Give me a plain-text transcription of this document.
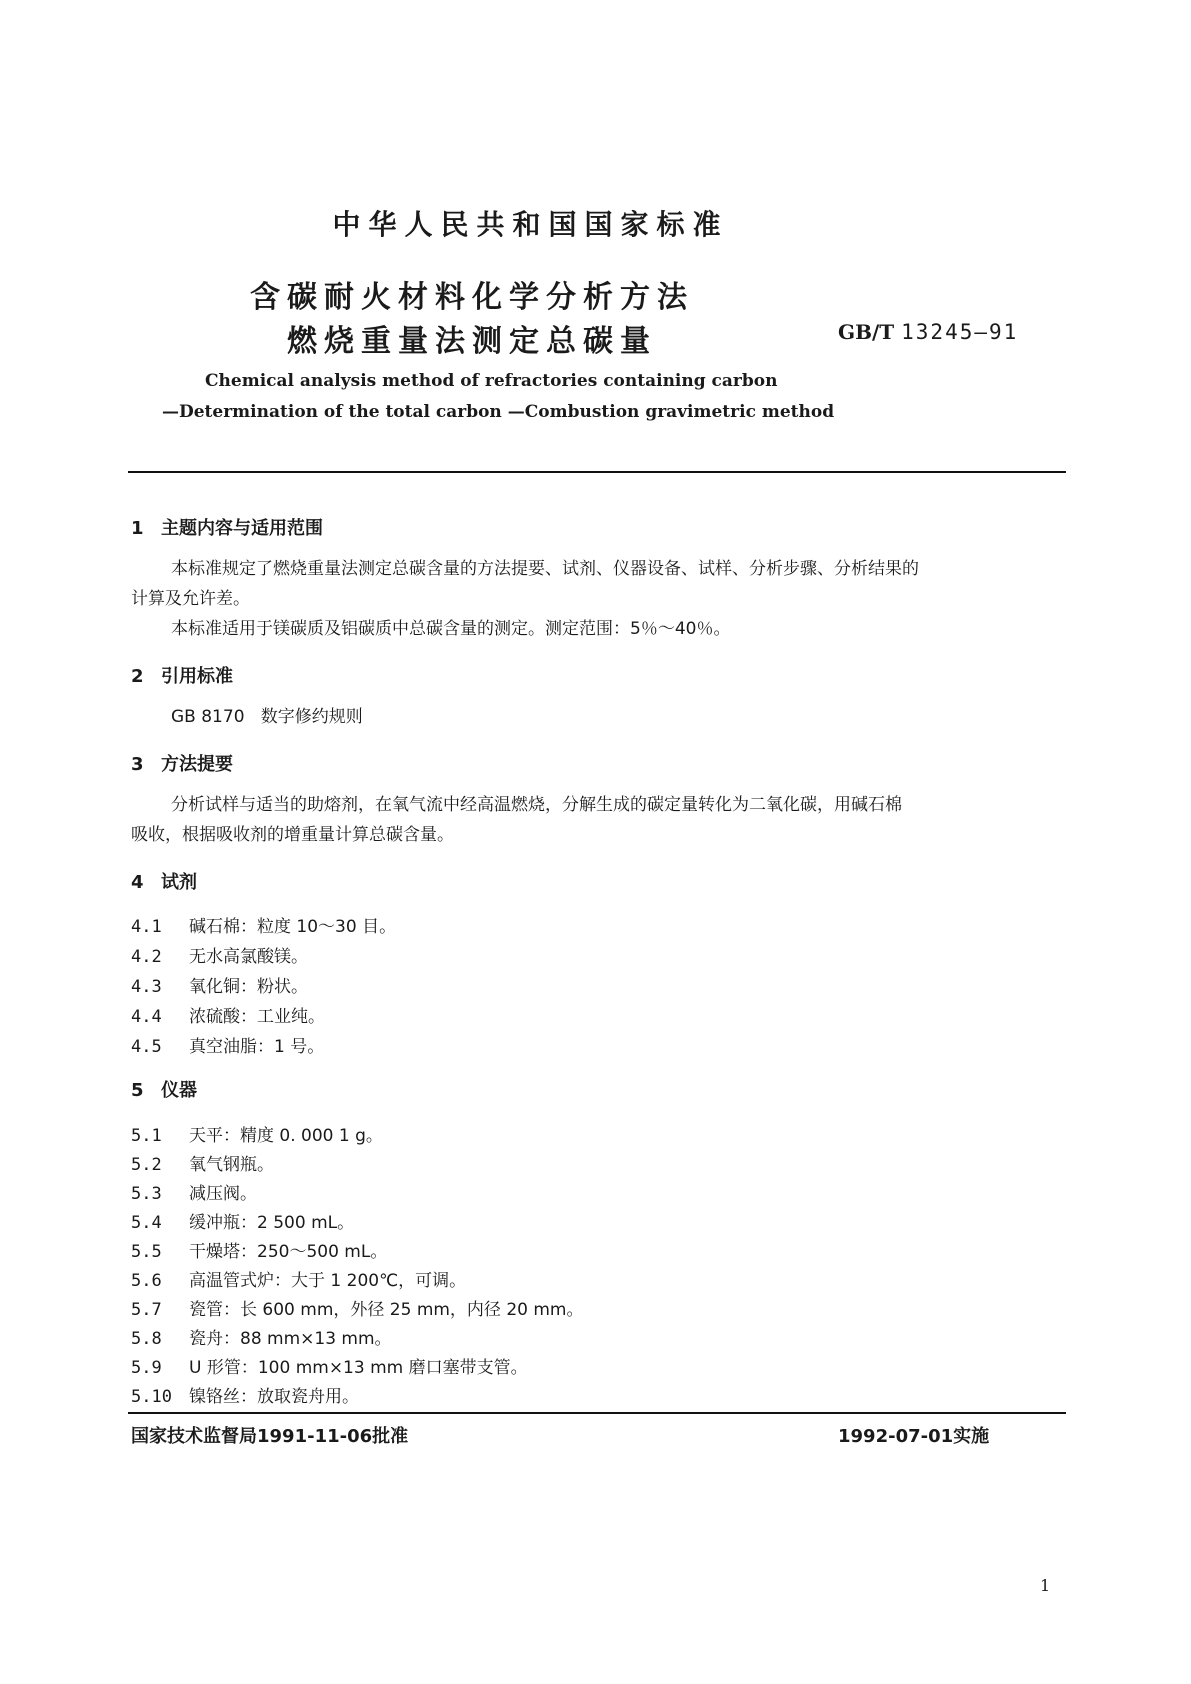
中华人民共和国国家标准
含碳耐火材料化学分析方法
燃烧重量法测定总碳量	GB/T 13245—91
Chemical analysis method of refractories containing carbon
—Determination of the total carbon —Combustion gravimetric method
1 主题内容与适用范围
本标准规定了燃烧重量法测定总碳含量的方法提要、试剂、仪器设备、试样、分析步骤、分析结果的
计算及允许差。
本标准适用于镁碳质及铝碳质中总碳含量的测定。测定范围：5％～40％。
2 引用标准
GB 8170 数字修约规则
3 方法提要
分析试样与适当的助熔剂，在氧气流中经高温燃烧，分解生成的碳定量转化为二氧化碳，用碱石棉
吸收，根据吸收剂的增重量计算总碳含量。
4 试剂
4.1 碱石棉：粒度 10～30 目。
4.2 无水高氯酸镁。
4.3 氧化铜：粉状。
4.4 浓硫酸：工业纯。
4.5 真空油脂：1 号。
5 仪器
5.1 天平：精度 0. 000 1 g。
5.2 氧气钢瓶。
5.3 减压阀。
5.4 缓冲瓶：2 500 mL。
5.5 干燥塔：250～500 mL。
5.6 高温管式炉：大于 1 200℃，可调。
5.7 瓷管：长 600 mm，外径 25 mm，内径 20 mm。
5.8 瓷舟：88 mm×13 mm。
5.9 U 形管：100 mm×13 mm 磨口塞带支管。
5.10 镍铬丝：放取瓷舟用。
国家技术监督局1991-11-06批准	1992-07-01实施
1
